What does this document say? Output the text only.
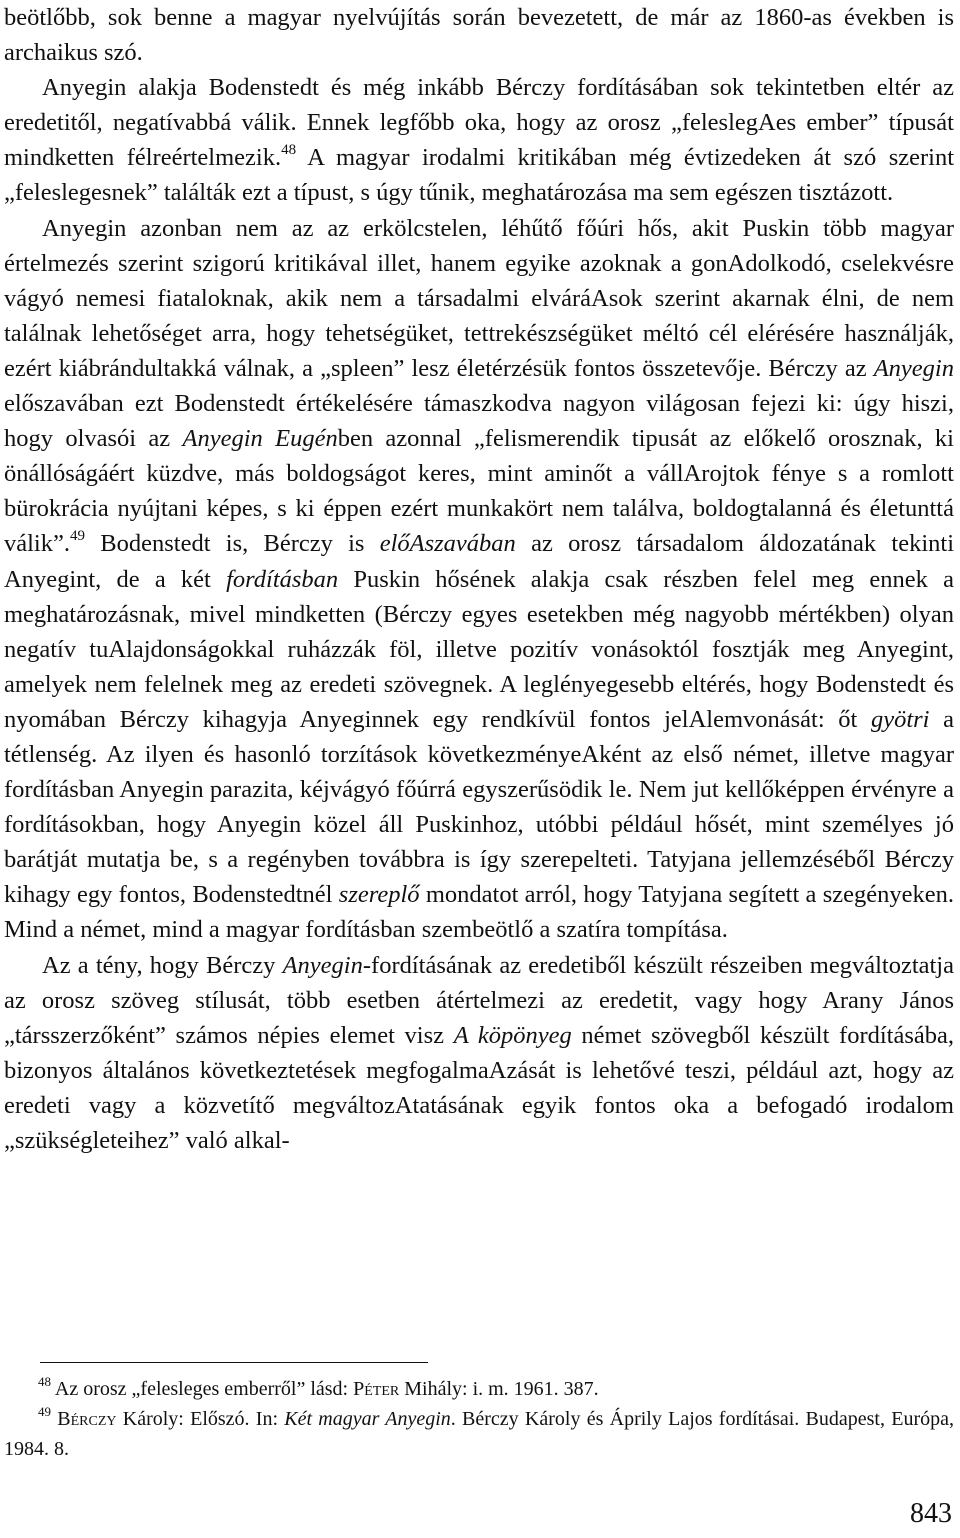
beötlőbb, sok benne a magyar nyelvújítás során bevezetett, de már az 1860-as években is archaikus szó.

Anyegin alakja Bodenstedt és még inkább Bérczy fordításában sok tekintetben eltér az eredetitől, negatívabbá válik. Ennek legfőbb oka, hogy az orosz „feleslegAes ember” típusát mindketten félreértelmezik.$^{48}$ A magyar irodalmi kritikában még évtizedeken át szó szerint „feleslegesnek” találták ezt a típust, s úgy tűnik, meghatározása ma sem egészen tisztázott.

Anyegin azonban nem az az erkölcstelen, léhűtő főúri hős, akit Puskin több magyar értelmezés szerint szigorú kritikával illet, hanem egyike azoknak a gonAdolkodó, cselekvésre vágyó nemesi fiataloknak, akik nem a társadalmi elváráAsok szerint akarnak élni, de nem találnak lehetőséget arra, hogy tehetségüket, tettrekészségüket méltó cél elérésére használják, ezért kiábrándultakká válnak, a „spleen” lesz életérzésük fontos összetevője. Bérczy az Anyegin előszavában ezt Bodenstedt értékelésére támaszkodva nagyon világosan fejezi ki: úgy hiszi, hogy olvasói az Anyegin Eugénben azonnal „felismerendik tipusát az előkelő orosznak, ki önállóságáért küzdve, más boldogságot keres, mint aminőt a vállArojtok fénye s a romlott bürokrácia nyújtani képes, s ki éppen ezért munkakört nem találva, boldogtalanná és életunttá válik”.$^{49}$ Bodenstedt is, Bérczy is előAszavában az orosz társadalom áldozatának tekinti Anyegint, de a két fordításban Puskin hősének alakja csak részben felel meg ennek a meghatározásnak, mivel mindketten (Bérczy egyes esetekben még nagyobb mértékben) olyan negatív tuAlajdonságokkal ruházzák föl, illetve pozitív vonásoktól fosztják meg Anyegint, amelyek nem felelnek meg az eredeti szövegnek. A leglényegesebb eltérés, hogy Bodenstedt és nyomában Bérczy kihagyja Anyeginnek egy rendkívül fontos jelAlemvonását: őt gyötri a tétlenség. Az ilyen és hasonló torzítások következményeAként az első német, illetve magyar fordításban Anyegin parazita, kéjvágyó főúrrá egyszerűsödik le. Nem jut kellőképpen érvényre a fordításokban, hogy Anyegin közel áll Puskinhoz, utóbbi például hősét, mint személyes jó barátját mutatja be, s a regényben továbbra is így szerepelteti. Tatyjana jellemzéséből Bérczy kihagy egy fontos, Bodenstedtnél szereplő mondatot arról, hogy Tatyjana segített a szegényeken. Mind a német, mind a magyar fordításban szembeötlő a szatíra tompítása.

Az a tény, hogy Bérczy Anyegin-fordításának az eredetiből készült részeiben megváltoztatja az orosz szöveg stílusát, több esetben átértelmezi az eredetit, vagy hogy Arany János „társszerzőként” számos népies elemet visz A köpönyeg német szövegből készült fordításába, bizonyos általános következtetések megfogalmaAzását is lehetővé teszi, például azt, hogy az eredeti vagy a közvetítő megváltozAtatásának egyik fontos oka a befogadó irodalom „szükségleteihez” való alkal-

$^{48}$ Az orosz „felesleges emberről” lásd: Péter Mihály: i. m. 1961. 387.

$^{49}$ Bérczy Károly: Előszó. In: Két magyar Anyegin. Bérczy Károly és Áprily Lajos fordításai. Budapest, Európa, 1984. 8.

843
